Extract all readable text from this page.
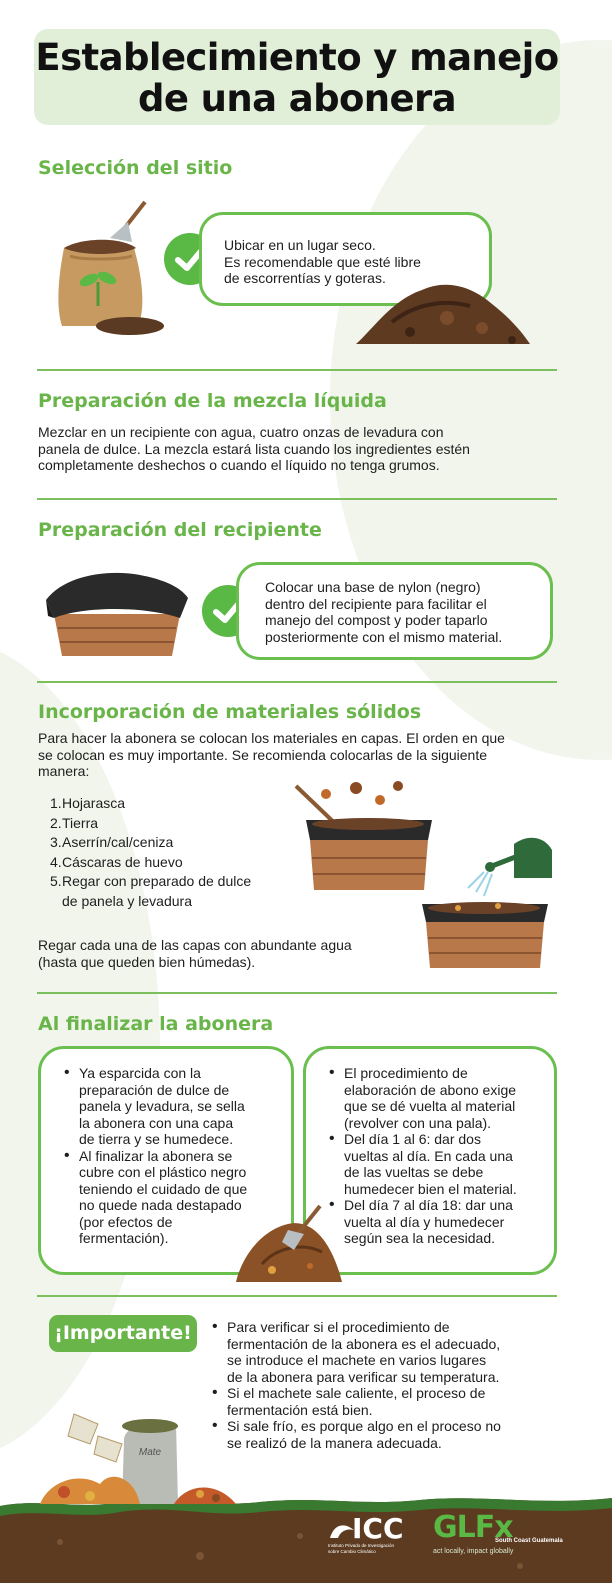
Establecimiento y manejo
de una abonera
Selección del sitio
Ubicar en un lugar seco.
Es recomendable que esté libre
de escorrentías y goteras.
Preparación de la mezcla líquida
Mezclar en un recipiente con agua, cuatro onzas de levadura con
panela de dulce. La mezcla estará lista cuando los ingredientes estén
completamente deshechos o cuando el líquido no tenga grumos.
Preparación del recipiente
Colocar una base de nylon (negro)
dentro del recipiente para facilitar el
manejo del compost y poder taparlo
posteriormente con el mismo material.
Incorporación de materiales sólidos
Para hacer la abonera se colocan los materiales en capas. El orden en que
se colocan es muy importante. Se recomienda colocarlas de la siguiente
manera:
1. Hojarasca
2. Tierra
3. Aserrín/cal/ceniza
4. Cáscaras de huevo
5. Regar con preparado de dulce
de panela y levadura
Regar cada una de las capas con abundante agua
(hasta que queden bien húmedas).
Al finalizar la abonera
• Ya esparcida con la
preparación de dulce de
panela y levadura, se sella
la abonera con una capa
de tierra y se humedece.
• Al finalizar la abonera se
cubre con el plástico negro
teniendo el cuidado de que
no quede nada destapado
(por efectos de
fermentación).
• El procedimiento de
elaboración de abono exige
que se dé vuelta al material
(revolver con una pala).
• Del día 1 al 6: dar dos
vueltas al día. En cada una
de las vueltas se debe
humedecer bien el material.
• Del día 7 al día 18: dar una
vuelta al día y humedecer
según sea la necesidad.
¡Importante!
•	Para verificar si el procedimiento de
fermentación de la abonera es el adecuado,
se introduce el machete en varios lugares
de la abonera para verificar su temperatura.
• Si el machete sale caliente, el proceso de
fermentación está bien.
• Si sale frío, es porque algo en el proceso no
se realizó de la manera adecuada.
Mate
ICC
Instituto Privado de Investigación
sobre Cambio Climático
GLFx
South Coast Guatemala
act locally, impact globally
